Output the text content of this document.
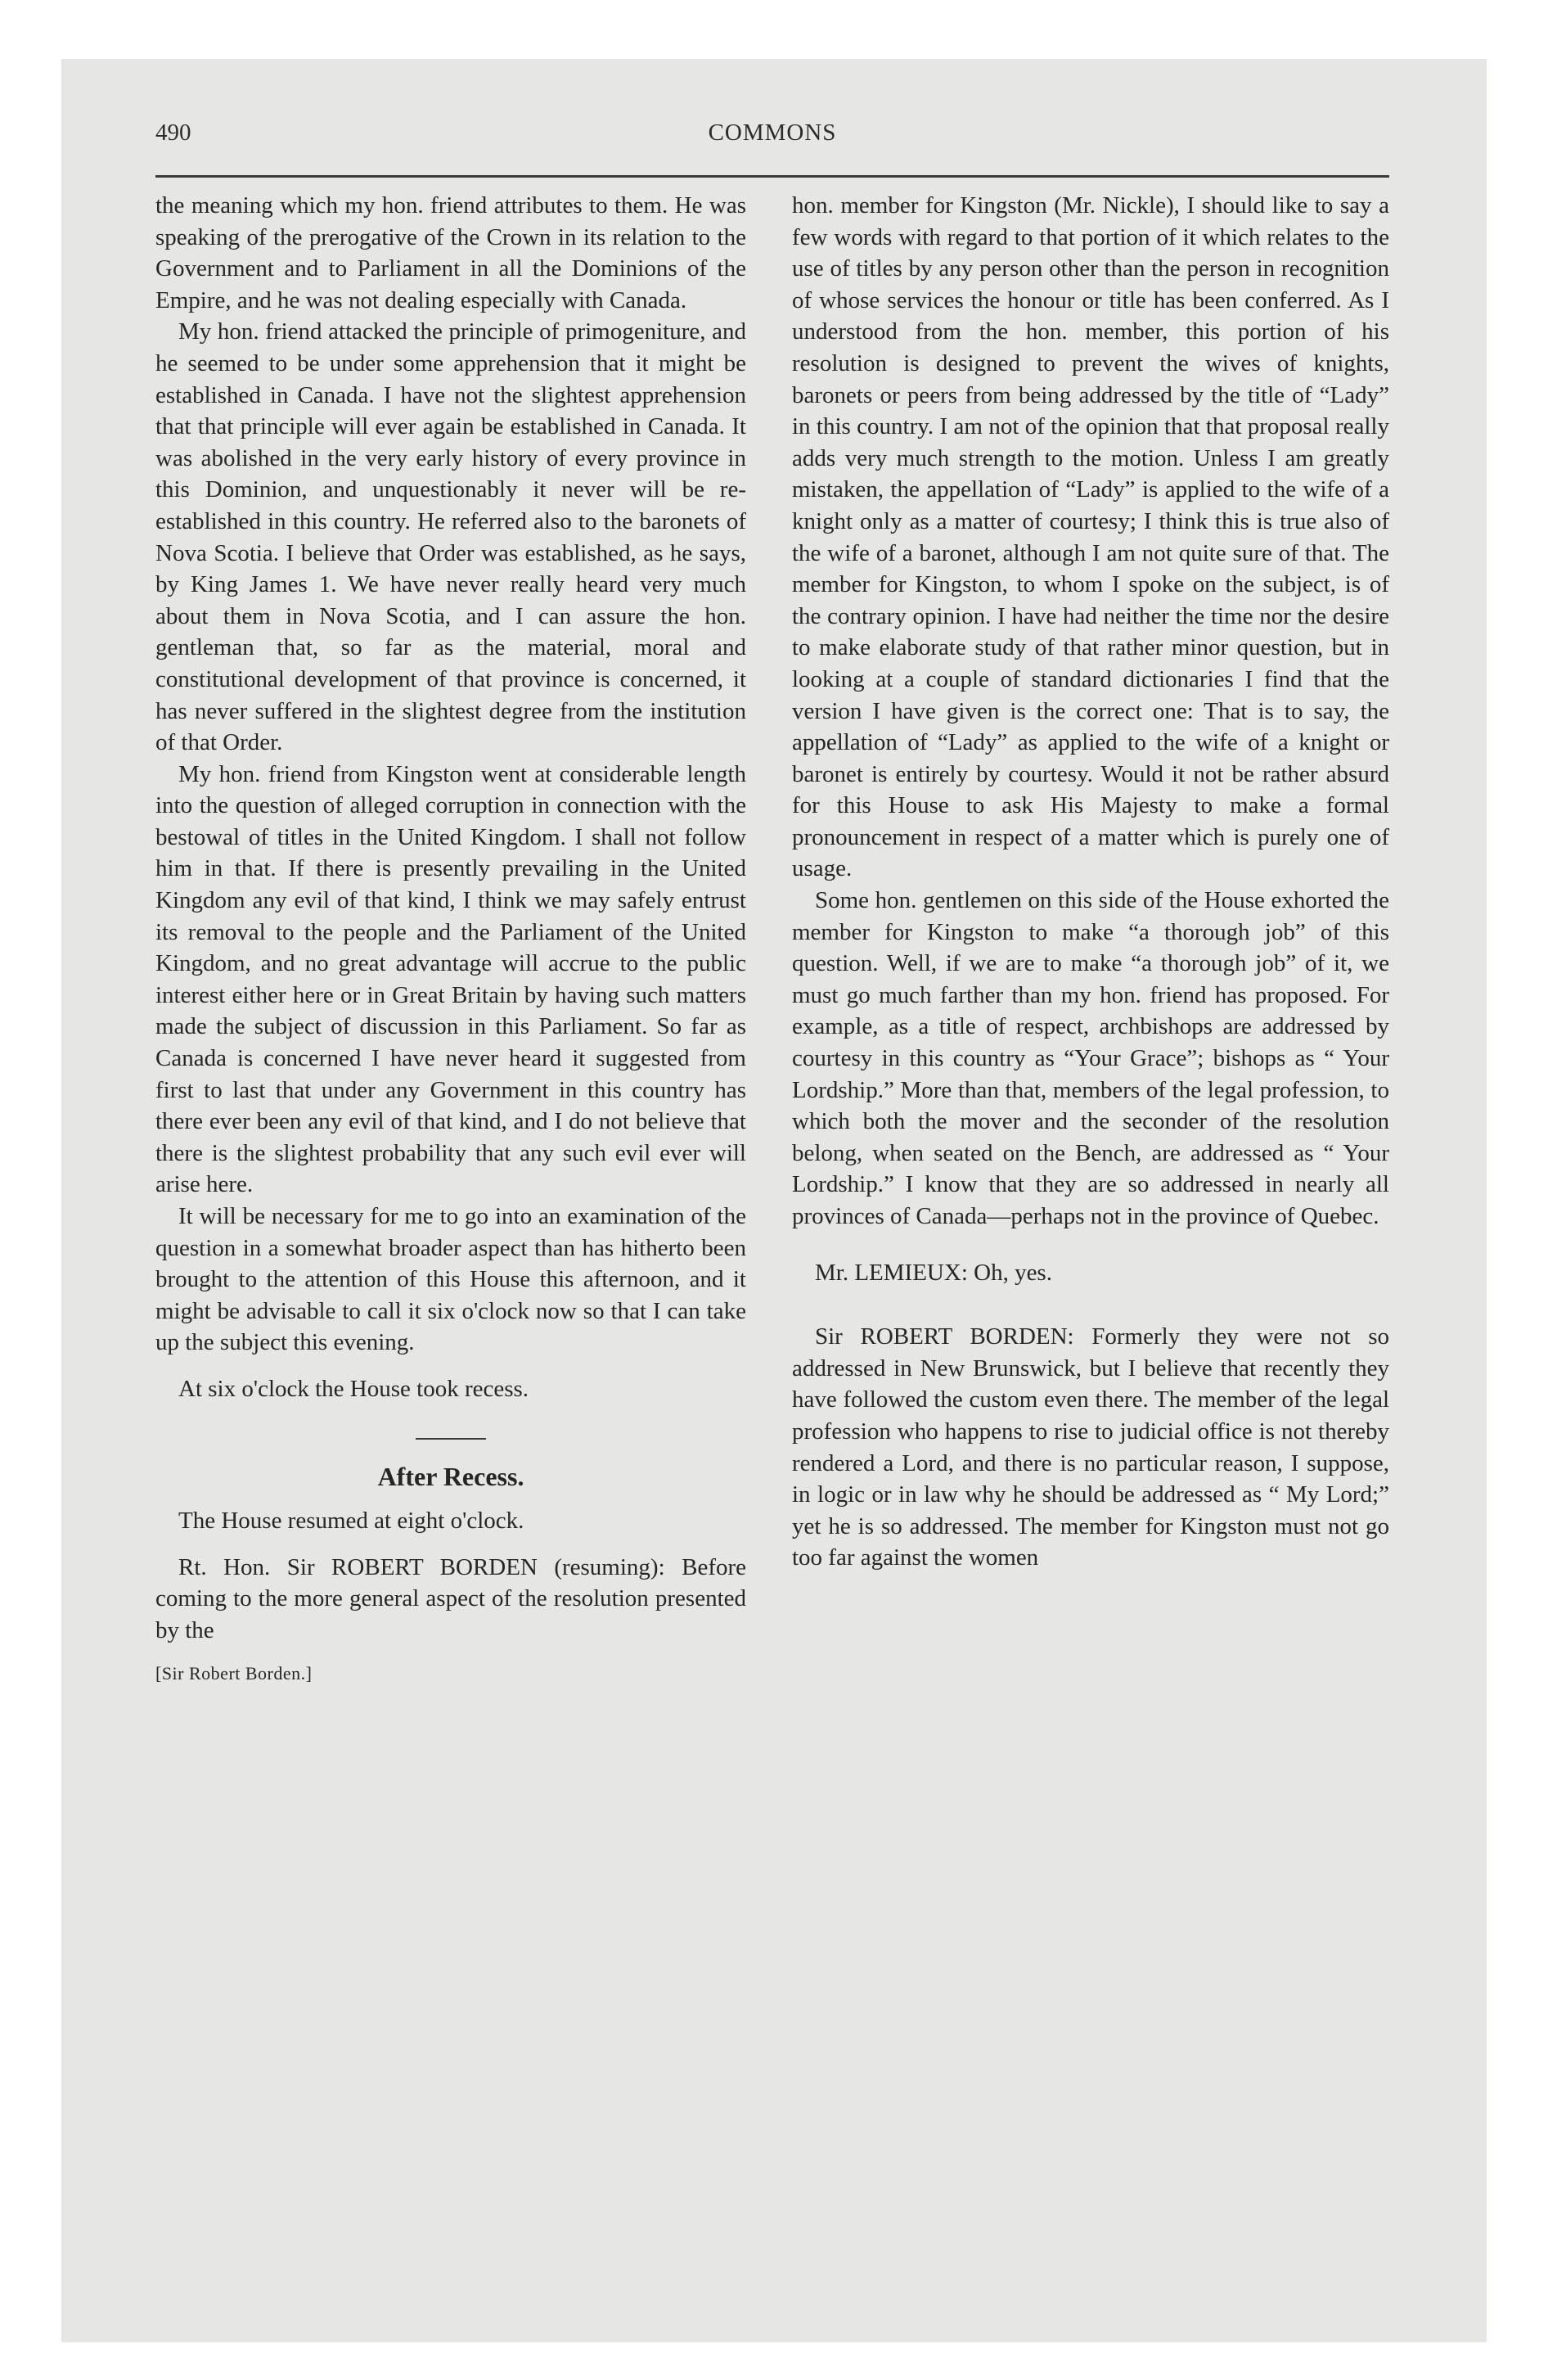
490	COMMONS

the meaning which my hon. friend attributes to them. He was speaking of the prerogative of the Crown in its relation to the Government and to Parliament in all the Dominions of the Empire, and he was not dealing especially with Canada.

My hon. friend attacked the principle of primogeniture, and he seemed to be under some apprehension that it might be established in Canada. I have not the slightest apprehension that that principle will ever again be established in Canada. It was abolished in the very early history of every province in this Dominion, and unquestionably it never will be re-established in this country. He referred also to the baronets of Nova Scotia. I believe that Order was established, as he says, by King James 1. We have never really heard very much about them in Nova Scotia, and I can assure the hon. gentleman that, so far as the material, moral and constitutional development of that province is concerned, it has never suffered in the slightest degree from the institution of that Order.

My hon. friend from Kingston went at considerable length into the question of alleged corruption in connection with the bestowal of titles in the United Kingdom. I shall not follow him in that. If there is presently prevailing in the United Kingdom any evil of that kind, I think we may safely entrust its removal to the people and the Parliament of the United Kingdom, and no great advantage will accrue to the public interest either here or in Great Britain by having such matters made the subject of discussion in this Parliament. So far as Canada is concerned I have never heard it suggested from first to last that under any Government in this country has there ever been any evil of that kind, and I do not believe that there is the slightest probability that any such evil ever will arise here.

It will be necessary for me to go into an examination of the question in a somewhat broader aspect than has hitherto been brought to the attention of this House this afternoon, and it might be advisable to call it six o'clock now so that I can take up the subject this evening.

At six o'clock the House took recess.

After Recess.

The House resumed at eight o'clock.

Rt. Hon. Sir ROBERT BORDEN (resuming): Before coming to the more general aspect of the resolution presented by the

[Sir Robert Borden.]

hon. member for Kingston (Mr. Nickle), I should like to say a few words with regard to that portion of it which relates to the use of titles by any person other than the person in recognition of whose services the honour or title has been conferred. As I understood from the hon. member, this portion of his resolution is designed to prevent the wives of knights, baronets or peers from being addressed by the title of “Lady” in this country. I am not of the opinion that that proposal really adds very much strength to the motion. Unless I am greatly mistaken, the appellation of “Lady” is applied to the wife of a knight only as a matter of courtesy; I think this is true also of the wife of a baronet, although I am not quite sure of that. The member for Kingston, to whom I spoke on the subject, is of the contrary opinion. I have had neither the time nor the desire to make elaborate study of that rather minor question, but in looking at a couple of standard dictionaries I find that the version I have given is the correct one: That is to say, the appellation of “Lady” as applied to the wife of a knight or baronet is entirely by courtesy. Would it not be rather absurd for this House to ask His Majesty to make a formal pronouncement in respect of a matter which is purely one of usage.

Some hon. gentlemen on this side of the House exhorted the member for Kingston to make “a thorough job” of this question. Well, if we are to make “a thorough job” of it, we must go much farther than my hon. friend has proposed. For example, as a title of respect, archbishops are addressed by courtesy in this country as “Your Grace”; bishops as “ Your Lordship.” More than that, members of the legal profession, to which both the mover and the seconder of the resolution belong, when seated on the Bench, are addressed as “ Your Lordship.” I know that they are so addressed in nearly all provinces of Canada—perhaps not in the province of Quebec.

Mr. LEMIEUX: Oh, yes.

Sir ROBERT BORDEN: Formerly they were not so addressed in New Brunswick, but I believe that recently they have followed the custom even there. The member of the legal profession who happens to rise to judicial office is not thereby rendered a Lord, and there is no particular reason, I suppose, in logic or in law why he should be addressed as “ My Lord;” yet he is so addressed. The member for Kingston must not go too far against the women
